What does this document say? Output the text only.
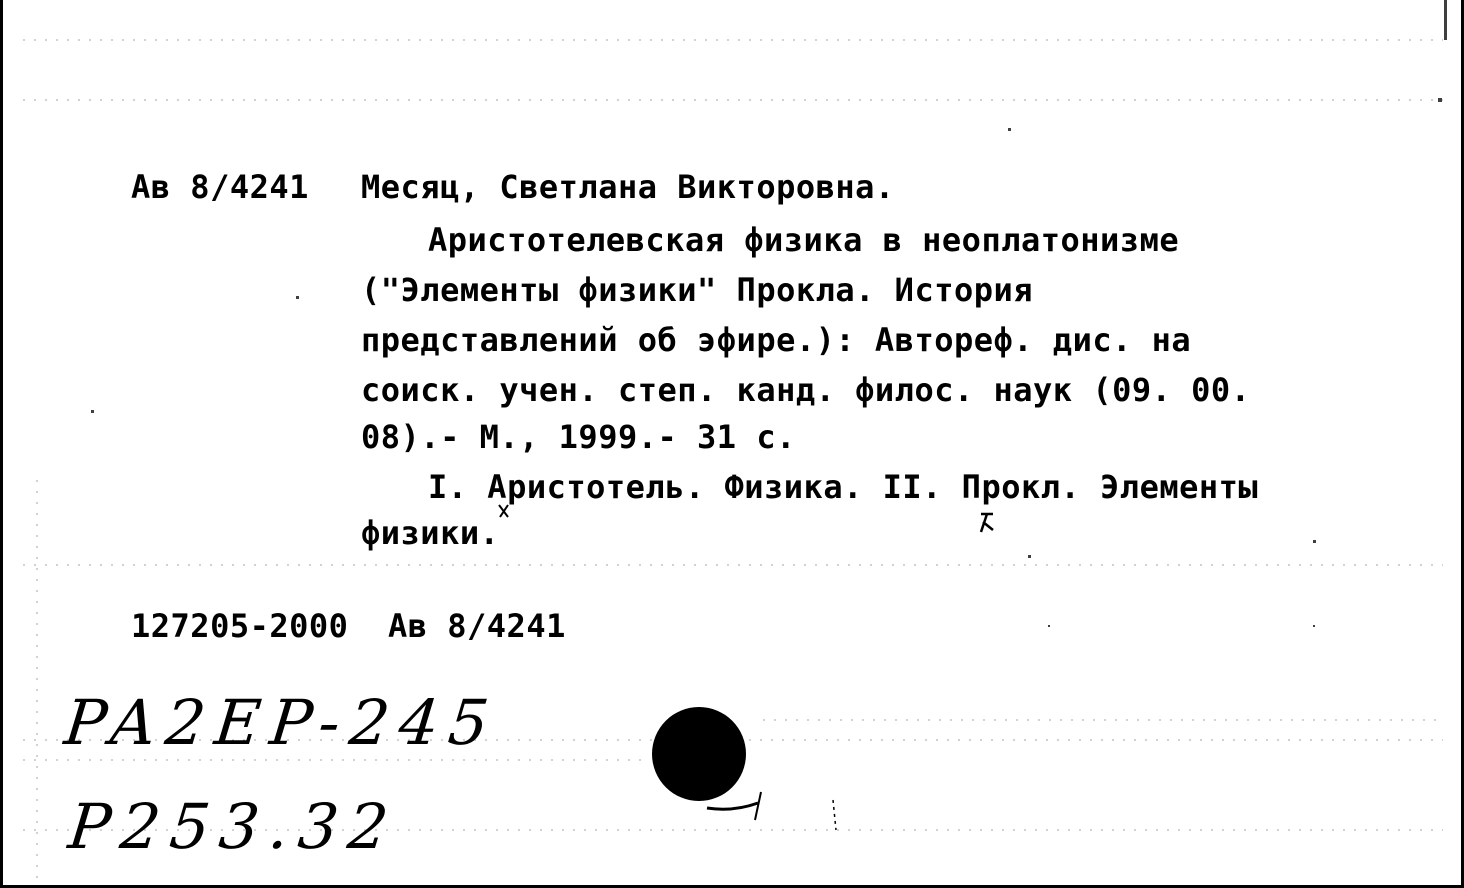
Ав 8/4241 Месяц, Светлана Викторовна.
Аристотелевская физика в неоплатонизме
("Элементы физики" Прокла. История
представлений об эфире.): Автореф. дис. на
соиск. учен. степ. канд. филос. наук (09. 00.
08).- М., 1999.- 31 с.
I. Аристотель. Физика. II. Прокл. Элементы
физики.
127205-2000  Ав 8/4241
PA2EP-245
P253.32
